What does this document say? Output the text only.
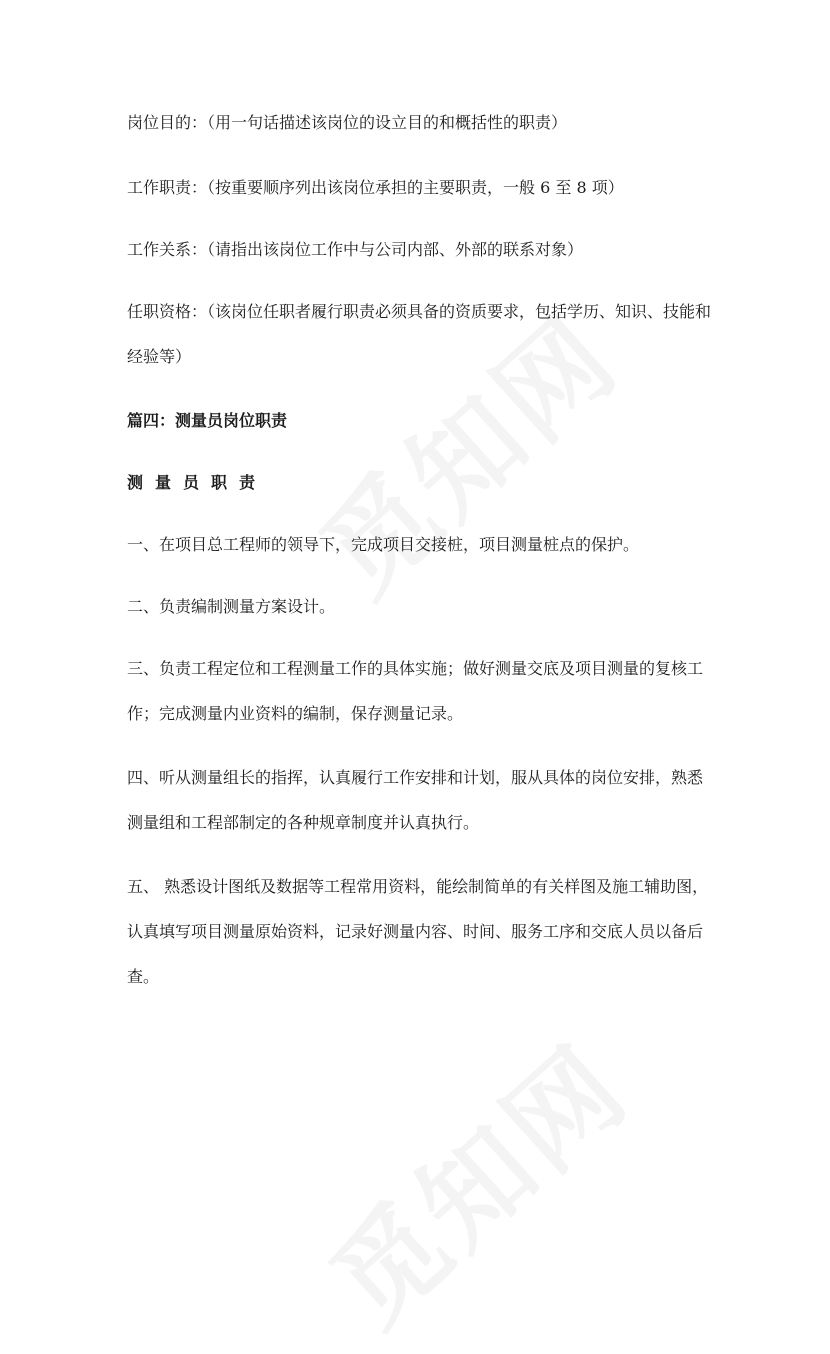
岗位目的：（用一句话描述该岗位的设立目的和概括性的职责）

工作职责：（按重要顺序列出该岗位承担的主要职责，一般 6 至 8 项）

工作关系：（请指出该岗位工作中与公司内部、外部的联系对象）

任职资格：（该岗位任职者履行职责必须具备的资质要求，包括学历、知识、技能和经验等）

篇四：测量员岗位职责

测量员职责

一、在项目总工程师的领导下，完成项目交接桩，项目测量桩点的保护。

二、负责编制测量方案设计。

三、负责工程定位和工程测量工作的具体实施；做好测量交底及项目测量的复核工作；完成测量内业资料的编制，保存测量记录。

四、听从测量组长的指挥，认真履行工作安排和计划，服从具体的岗位安排，熟悉测量组和工程部制定的各种规章制度并认真执行。

五、 熟悉设计图纸及数据等工程常用资料，能绘制简单的有关样图及施工辅助图，认真填写项目测量原始资料，记录好测量内容、时间、服务工序和交底人员以备后查。
